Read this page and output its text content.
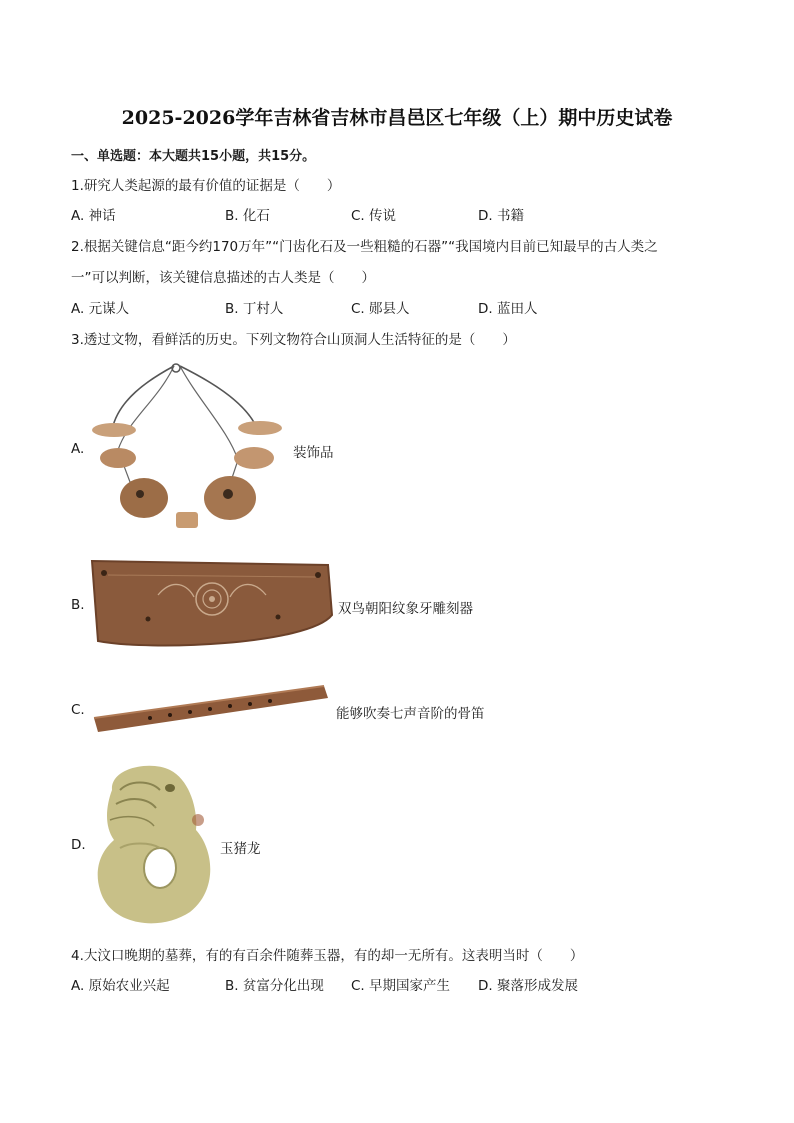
2025-2026学年吉林省吉林市昌邑区七年级（上）期中历史试卷
一、单选题：本大题共15小题，共15分。
1.研究人类起源的最有价值的证据是（　　）
A. 神话	B. 化石	C. 传说	D. 书籍
2.根据关键信息“距今约170万年”“门齿化石及一些粗糙的石器”“我国境内目前已知最早的古人类之
一”可以判断，该关键信息描述的古人类是（　　）
A. 元谋人	B. 丁村人	C. 郧县人	D. 蓝田人
3.透过文物，看鲜活的历史。下列文物符合山顶洞人生活特征的是（　　）
A.	装饰品
B.	双鸟朝阳纹象牙雕刻器
C.	能够吹奏七声音阶的骨笛
D.	玉猪龙
4.大汶口晚期的墓葬，有的有百余件随葬玉器，有的却一无所有。这表明当时（　　）
A. 原始农业兴起	B. 贫富分化出现 C. 早期国家产生 D. 聚落形成发展
